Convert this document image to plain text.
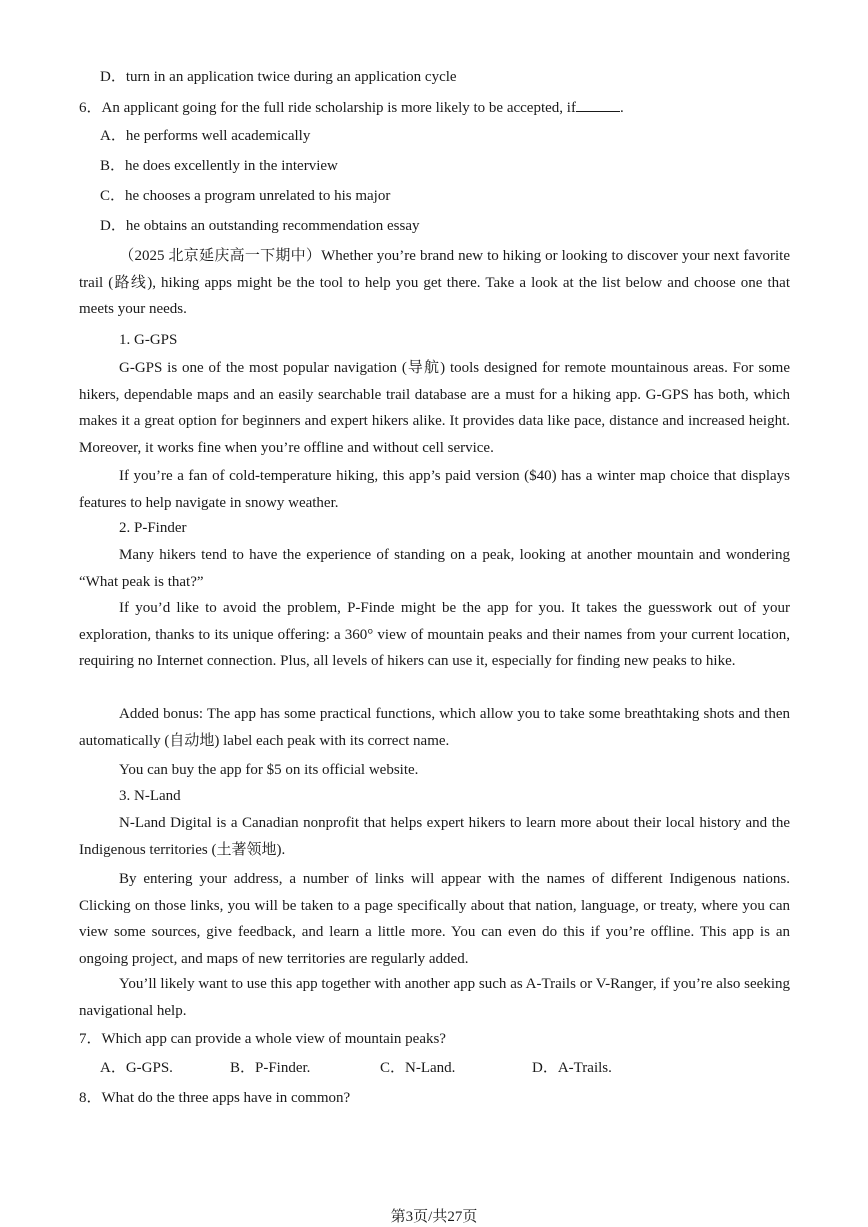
D．turn in an application twice during an application cycle
6．An applicant going for the full ride scholarship is more likely to be accepted, if	.
A．he performs well academically
B．he does excellently in the interview
C．he chooses a program unrelated to his major
D．he obtains an outstanding recommendation essay
（2025 北京延庆高一下期中）Whether you’re brand new to hiking or looking to discover your next favorite trail (路线), hiking apps might be the tool to help you get there. Take a look at the list below and choose one that meets your needs.
1. G-GPS
G-GPS is one of the most popular navigation (导航) tools designed for remote mountainous areas. For some hikers, dependable maps and an easily searchable trail database are a must for a hiking app. G-GPS has both, which makes it a great option for beginners and expert hikers alike. It provides data like pace, distance and increased height. Moreover, it works fine when you’re offline and without cell service.
If you’re a fan of cold-temperature hiking, this app’s paid version ($40) has a winter map choice that displays features to help navigate in snowy weather.
2. P-Finder
Many hikers tend to have the experience of standing on a peak, looking at another mountain and wondering “What peak is that?”
If you’d like to avoid the problem, P-Finde might be the app for you. It takes the guesswork out of your exploration, thanks to its unique offering: a 360° view of mountain peaks and their names from your current location, requiring no Internet connection. Plus, all levels of hikers can use it, especially for finding new peaks to hike.
Added bonus: The app has some practical functions, which allow you to take some breathtaking shots and then automatically (自动地) label each peak with its correct name.
You can buy the app for $5 on its official website.
3. N-Land
N-Land Digital is a Canadian nonprofit that helps expert hikers to learn more about their local history and the Indigenous territories (土著领地).
By entering your address, a number of links will appear with the names of different Indigenous nations. Clicking on those links, you will be taken to a page specifically about that nation, language, or treaty, where you can view some sources, give feedback, and learn a little more. You can even do this if you’re offline. This app is an ongoing project, and maps of new territories are regularly added.
You’ll likely want to use this app together with another app such as A-Trails or V-Ranger, if you’re also seeking navigational help.
7．Which app can provide a whole view of mountain peaks?
A．G-GPS.	B．P-Finder.	C．N-Land.	D．A-Trails.
8．What do the three apps have in common?
第3页/共27页
